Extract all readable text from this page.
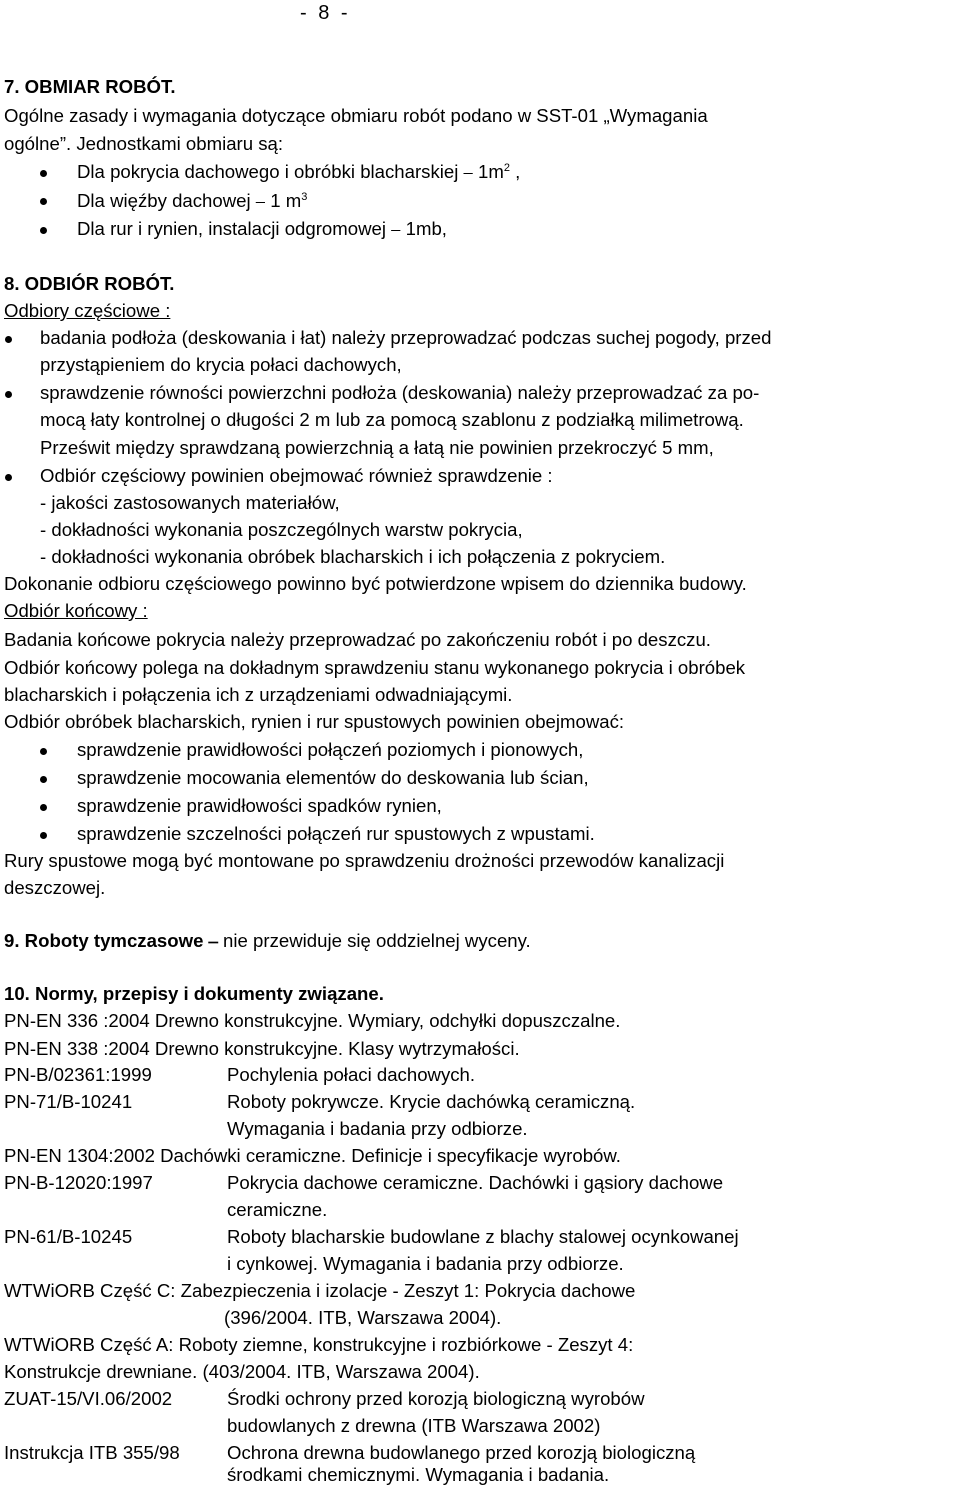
- 8 -
7. OBMIAR ROBÓT.
Ogólne zasady i wymagania dotyczące obmiaru robót podano w SST-01 „Wymagania
ogólne”. Jednostkami obmiaru są:
Dla pokrycia dachowego i obróbki blacharskiej ⎯ $1m^2$ ,
Dla więźby dachowej ⎯ 1 $m^3$
Dla rur i rynien, instalacji odgromowej ⎯ 1mb,
8. ODBIÓR ROBÓT.
Odbiory częściowe :
badania podłoża (deskowania i łat) należy przeprowadzać podczas suchej pogody, przed
przystąpieniem do krycia połaci dachowych,
sprawdzenie równości powierzchni podłoża (deskowania) należy przeprowadzać za po-
mocą łaty kontrolnej o długości 2 m lub za pomocą szablonu z podziałką milimetrową.
Prześwit między sprawdzaną powierzchnią a łatą nie powinien przekroczyć 5 mm,
Odbiór częściowy powinien obejmować również sprawdzenie :
- jakości zastosowanych materiałów,
- dokładności wykonania poszczególnych warstw pokrycia,
- dokładności wykonania obróbek blacharskich i ich połączenia z pokryciem.
Dokonanie odbioru częściowego powinno być potwierdzone wpisem do dziennika budowy.
Odbiór końcowy :
Badania końcowe pokrycia należy przeprowadzać po zakończeniu robót i po deszczu.
Odbiór końcowy polega na dokładnym sprawdzeniu stanu wykonanego pokrycia i obróbek
blacharskich i połączenia ich z urządzeniami odwadniającymi.
Odbiór obróbek blacharskich, rynien i rur spustowych powinien obejmować:
sprawdzenie prawidłowości połączeń poziomych i pionowych,
sprawdzenie mocowania elementów do deskowania lub ścian,
sprawdzenie prawidłowości spadków rynien,
sprawdzenie szczelności połączeń rur spustowych z wpustami.
Rury spustowe mogą być montowane po sprawdzeniu drożności przewodów kanalizacji
deszczowej.
9. Roboty tymczasowe ⎯ nie przewiduje się oddzielnej wyceny.
10. Normy, przepisy i dokumenty związane.
PN-EN 336 :2004 Drewno konstrukcyjne. Wymiary, odchyłki dopuszczalne.
PN-EN 338 :2004 Drewno konstrukcyjne. Klasy wytrzymałości.
PN-B/02361:1999	Pochylenia połaci dachowych.
PN-71/B-10241	Roboty pokrywcze. Krycie dachówką ceramiczną.
Wymagania i badania przy odbiorze.
PN-EN 1304:2002 Dachówki ceramiczne. Definicje i specyfikacje wyrobów.
PN-B-12020:1997	Pokrycia dachowe ceramiczne. Dachówki i gąsiory dachowe
ceramiczne.
PN-61/B-10245	Roboty blacharskie budowlane z blachy stalowej ocynkowanej
i cynkowej. Wymagania i badania przy odbiorze.
WTWiORB Część C: Zabezpieczenia i izolacje - Zeszyt 1: Pokrycia dachowe
(396/2004. ITB, Warszawa 2004).
WTWiORB Część A: Roboty ziemne, konstrukcyjne i rozbiórkowe - Zeszyt 4:
Konstrukcje drewniane. (403/2004. ITB, Warszawa 2004).
ZUAT-15/VI.06/2002	Środki ochrony przed korozją biologiczną wyrobów
budowlanych z drewna (ITB Warszawa 2002)
Instrukcja ITB 355/98	Ochrona drewna budowlanego przed korozją biologiczną
środkami chemicznymi. Wymagania i badania.
